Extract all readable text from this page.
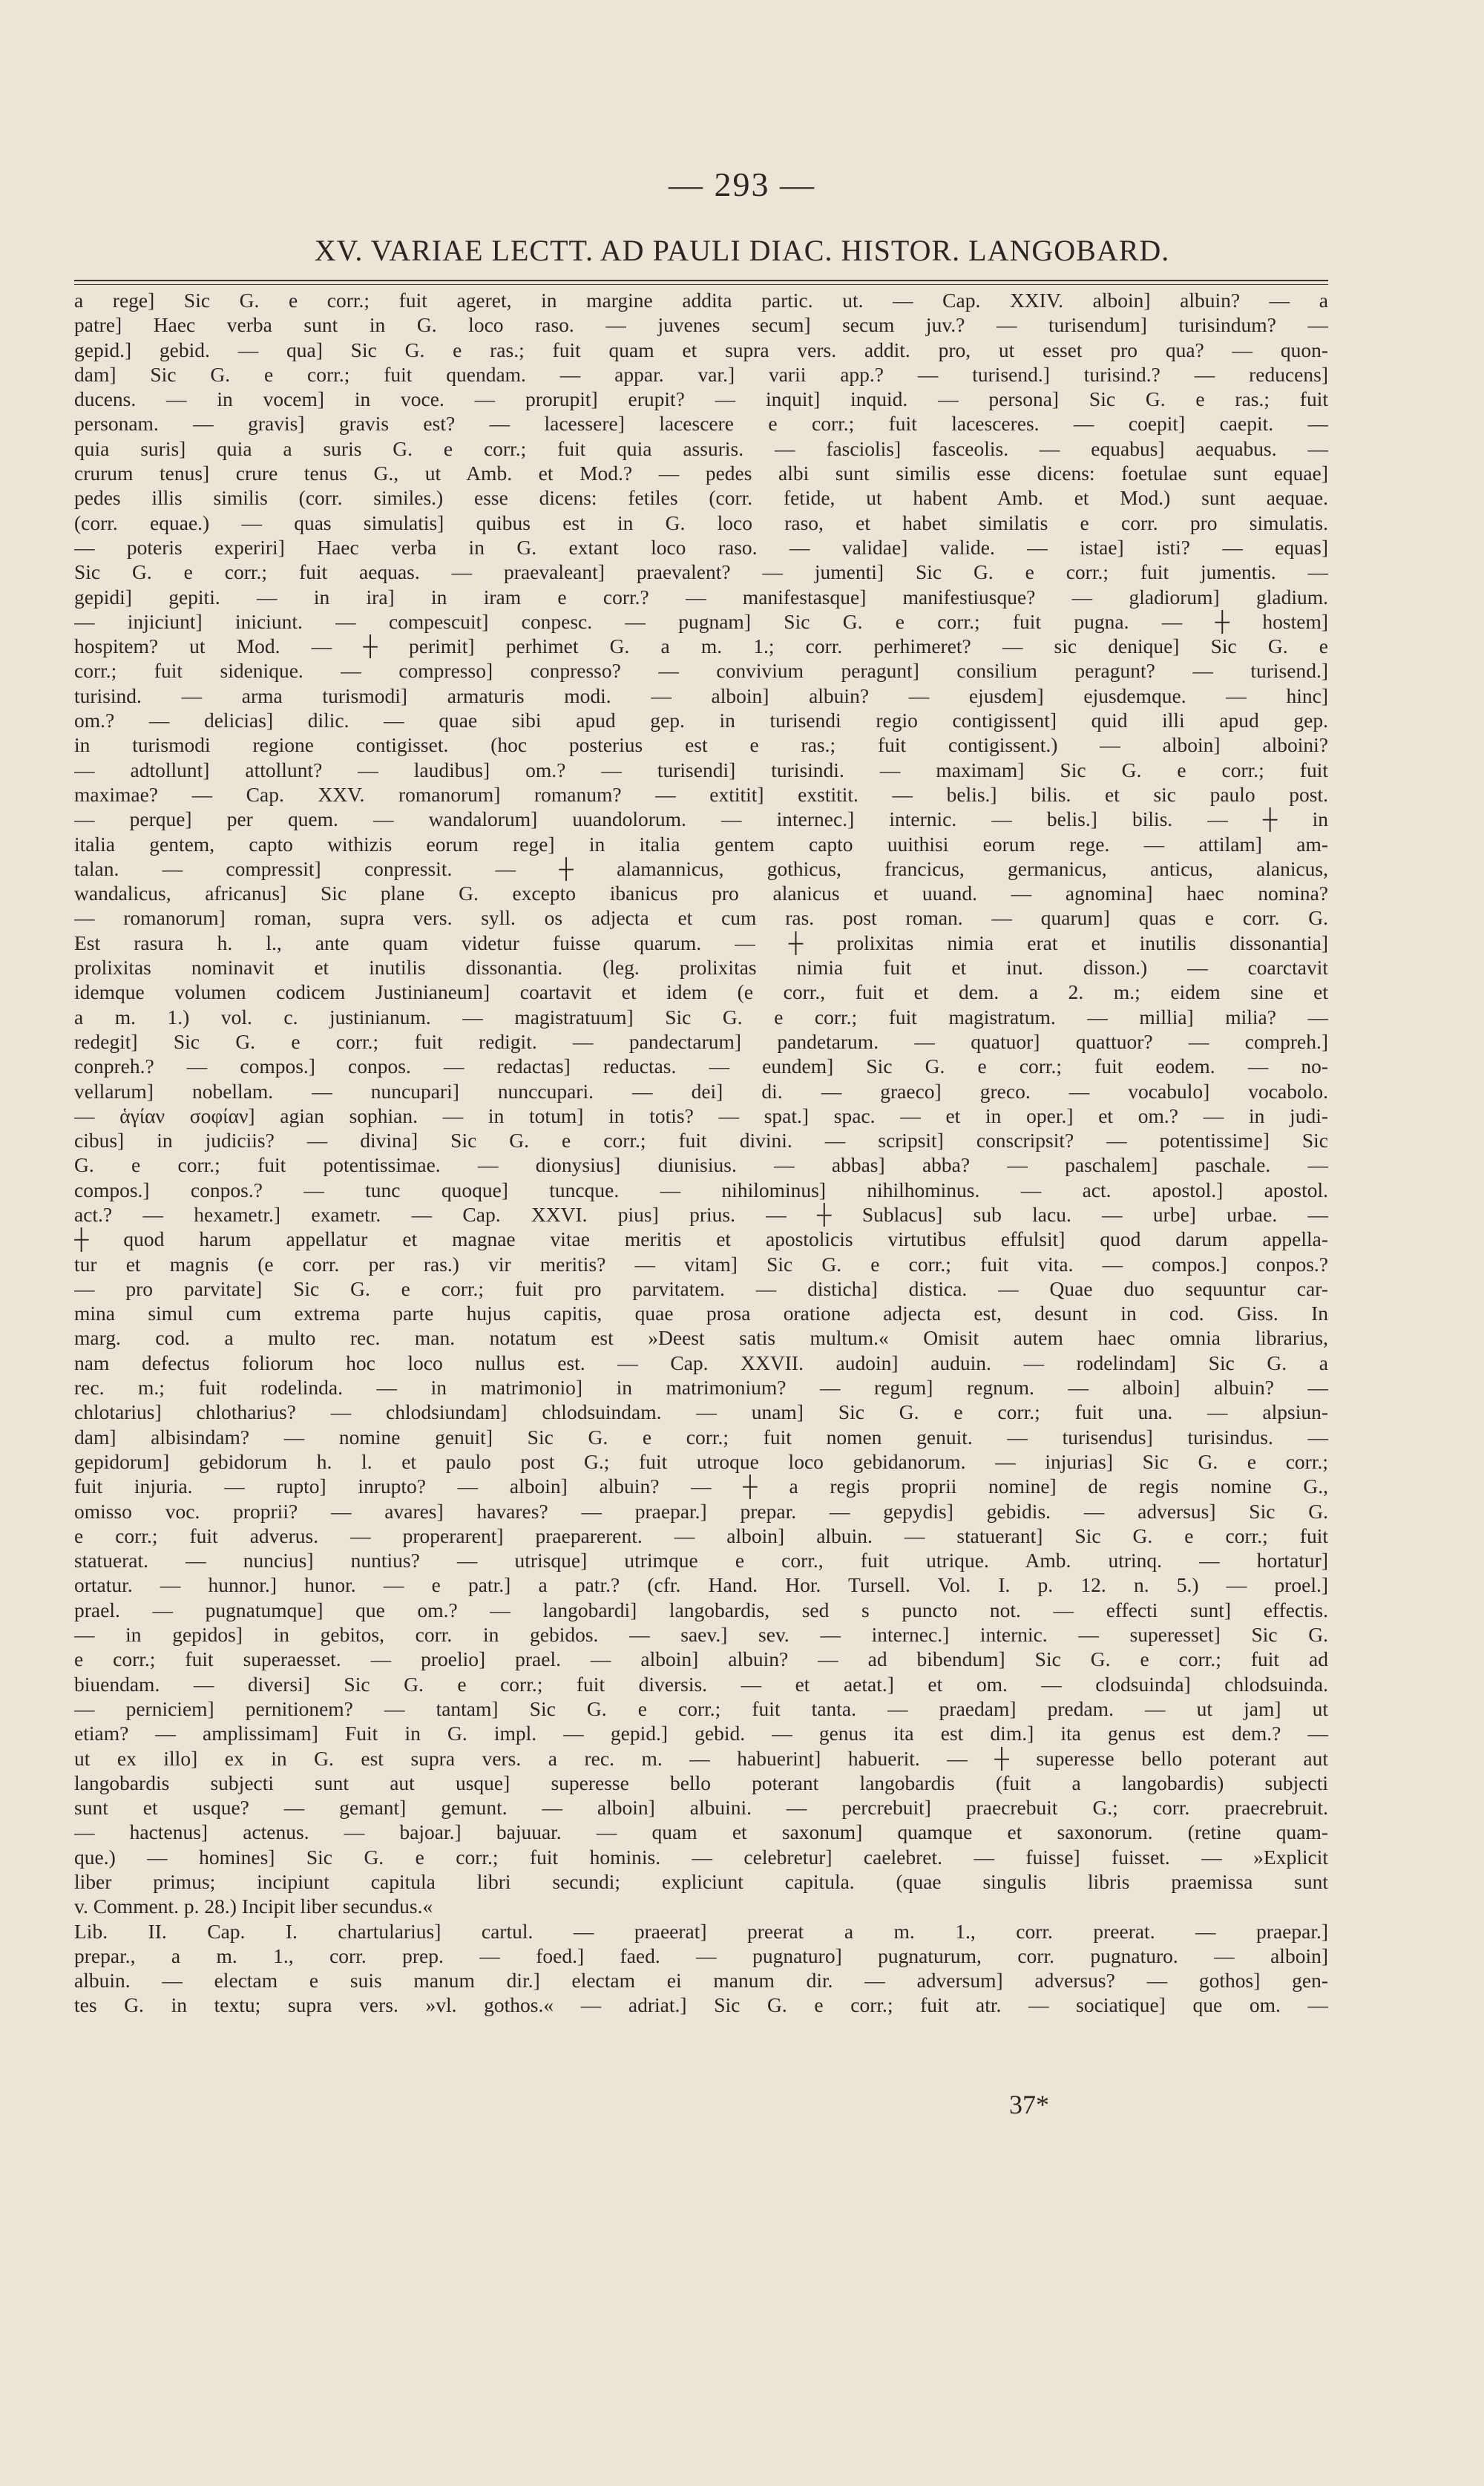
— 293 —
XV. VARIAE LECTT. AD PAULI DIAC. HISTOR. LANGOBARD.
a rege] Sic G. e corr.; fuit ageret, in margine addita partic. ut. — Cap. XXIV. alboin] albuin? — a
patre] Haec verba sunt in G. loco raso. — juvenes secum] secum juv.? — turisendum] turisindum? —
gepid.] gebid. — qua] Sic G. e ras.; fuit quam et supra vers. addit. pro, ut esset pro qua? — quon-
dam] Sic G. e corr.; fuit quendam. — appar. var.] varii app.? — turisend.] turisind.? — reducens]
ducens. — in vocem] in voce. — prorupit] erupit? — inquit] inquid. — persona] Sic G. e ras.; fuit
personam. — gravis] gravis est? — lacessere] lacescere e corr.; fuit lacesceres. — coepit] caepit. —
quia suris] quia a suris G. e corr.; fuit quia assuris. — fasciolis] fasceolis. — equabus] aequabus. —
crurum tenus] crure tenus G., ut Amb. et Mod.? — pedes albi sunt similis esse dicens: foetulae sunt equae]
pedes illis similis (corr. similes.) esse dicens: fetiles (corr. fetide, ut habent Amb. et Mod.) sunt aequae.
(corr. equae.) — quas simulatis] quibus est in G. loco raso, et habet similatis e corr. pro simulatis.
— poteris experiri] Haec verba in G. extant loco raso. — validae] valide. — istae] isti? — equas]
Sic G. e corr.; fuit aequas. — praevaleant] praevalent? — jumenti] Sic G. e corr.; fuit jumentis. —
gepidi] gepiti. — in ira] in iram e corr.? — manifestasque] manifestiusque? — gladiorum] gladium.
— injiciunt] iniciunt. — compescuit] conpesc. — pugnam] Sic G. e corr.; fuit pugna. — ┼ hostem]
hospitem? ut Mod. — ┼ perimit] perhimet G. a m. 1.; corr. perhimeret? — sic denique] Sic G. e
corr.; fuit sidenique. — compresso] conpresso? — convivium peragunt] consilium peragunt? — turisend.]
turisind. — arma turismodi] armaturis modi. — alboin] albuin? — ejusdem] ejusdemque. — hinc]
om.? — delicias] dilic. — quae sibi apud gep. in turisendi regio contigissent] quid illi apud gep.
in turismodi regione contigisset. (hoc posterius est e ras.; fuit contigissent.) — alboin] alboini?
— adtollunt] attollunt? — laudibus] om.? — turisendi] turisindi. — maximam] Sic G. e corr.; fuit
maximae? — Cap. XXV. romanorum] romanum? — extitit] exstitit. — belis.] bilis. et sic paulo post.
— perque] per quem. — wandalorum] uuandolorum. — internec.] internic. — belis.] bilis. — ┼ in
italia gentem, capto withizis eorum rege] in italia gentem capto uuithisi eorum rege. — attilam] am-
talan. — compressit] conpressit. — ┼ alamannicus, gothicus, francicus, germanicus, anticus, alanicus,
wandalicus, africanus] Sic plane G. excepto ibanicus pro alanicus et uuand. — agnomina] haec nomina?
— romanorum] roman, supra vers. syll. os adjecta et cum ras. post roman. — quarum] quas e corr. G.
Est rasura h. l., ante quam videtur fuisse quarum. — ┼ prolixitas nimia erat et inutilis dissonantia]
prolixitas nominavit et inutilis dissonantia. (leg. prolixitas nimia fuit et inut. disson.) — coarctavit
idemque volumen codicem Justinianeum] coartavit et idem (e corr., fuit et dem. a 2. m.; eidem sine et
a m. 1.) vol. c. justinianum. — magistratuum] Sic G. e corr.; fuit magistratum. — millia] milia? —
redegit] Sic G. e corr.; fuit redigit. — pandectarum] pandetarum. — quatuor] quattuor? — compreh.]
conpreh.? — compos.] conpos. — redactas] reductas. — eundem] Sic G. e corr.; fuit eodem. — no-
vellarum] nobellam. — nuncupari] nunccupari. — dei] di. — graeco] greco. — vocabulo] vocabolo.
— ἁγίαν σοφίαν] agian sophian. — in totum] in totis? — spat.] spac. — et in oper.] et om.? — in judi-
cibus] in judiciis? — divina] Sic G. e corr.; fuit divini. — scripsit] conscripsit? — potentissime] Sic
G. e corr.; fuit potentissimae. — dionysius] diunisius. — abbas] abba? — paschalem] paschale. —
compos.] conpos.? — tunc quoque] tuncque. — nihilominus] nihilhominus. — act. apostol.] apostol.
act.? — hexametr.] exametr. — Cap. XXVI. pius] prius. — ┼ Sublacus] sub lacu. — urbe] urbae. —
┼ quod harum appellatur et magnae vitae meritis et apostolicis virtutibus effulsit] quod darum appella-
tur et magnis (e corr. per ras.) vir meritis? — vitam] Sic G. e corr.; fuit vita. — compos.] conpos.?
— pro parvitate] Sic G. e corr.; fuit pro parvitatem. — disticha] distica. — Quae duo sequuntur car-
mina simul cum extrema parte hujus capitis, quae prosa oratione adjecta est, desunt in cod. Giss. In
marg. cod. a multo rec. man. notatum est »Deest satis multum.« Omisit autem haec omnia librarius,
nam defectus foliorum hoc loco nullus est. — Cap. XXVII. audoin] auduin. — rodelindam] Sic G. a
rec. m.; fuit rodelinda. — in matrimonio] in matrimonium? — regum] regnum. — alboin] albuin? —
chlotarius] chlotharius? — chlodsiundam] chlodsuindam. — unam] Sic G. e corr.; fuit una. — alpsiun-
dam] albisindam? — nomine genuit] Sic G. e corr.; fuit nomen genuit. — turisendus] turisindus. —
gepidorum] gebidorum h. l. et paulo post G.; fuit utroque loco gebidanorum. — injurias] Sic G. e corr.;
fuit injuria. — rupto] inrupto? — alboin] albuin? — ┼ a regis proprii nomine] de regis nomine G.,
omisso voc. proprii? — avares] havares? — praepar.] prepar. — gepydis] gebidis. — adversus] Sic G.
e corr.; fuit adverus. — properarent] praeparerent. — alboin] albuin. — statuerant] Sic G. e corr.; fuit
statuerat. — nuncius] nuntius? — utrisque] utrimque e corr., fuit utrique. Amb. utrinq. — hortatur]
ortatur. — hunnor.] hunor. — e patr.] a patr.? (cfr. Hand. Hor. Tursell. Vol. I. p. 12. n. 5.) — proel.]
prael. — pugnatumque] que om.? — langobardi] langobardis, sed s puncto not. — effecti sunt] effectis.
— in gepidos] in gebitos, corr. in gebidos. — saev.] sev. — internec.] internic. — superesset] Sic G.
e corr.; fuit superaesset. — proelio] prael. — alboin] albuin? — ad bibendum] Sic G. e corr.; fuit ad
biuendam. — diversi] Sic G. e corr.; fuit diversis. — et aetat.] et om. — clodsuinda] chlodsuinda.
— perniciem] pernitionem? — tantam] Sic G. e corr.; fuit tanta. — praedam] predam. — ut jam] ut
etiam? — amplissimam] Fuit in G. impl. — gepid.] gebid. — genus ita est dim.] ita genus est dem.? —
ut ex illo] ex in G. est supra vers. a rec. m. — habuerint] habuerit. — ┼ superesse bello poterant aut
langobardis subjecti sunt aut usque] superesse bello poterant langobardis (fuit a langobardis) subjecti
sunt et usque? — gemant] gemunt. — alboin] albuini. — percrebuit] praecrebuit G.; corr. praecrebruit.
— hactenus] actenus. — bajoar.] bajuuar. — quam et saxonum] quamque et saxonorum. (retine quam-
que.) — homines] Sic G. e corr.; fuit hominis. — celebretur] caelebret. — fuisse] fuisset. — »Explicit
liber primus; incipiunt capitula libri secundi; expliciunt capitula. (quae singulis libris praemissa sunt
v. Comment. p. 28.) Incipit liber secundus.«
Lib. II. Cap. I. chartularius] cartul. — praeerat] preerat a m. 1., corr. preerat. — praepar.]
prepar., a m. 1., corr. prep. — foed.] faed. — pugnaturo] pugnaturum, corr. pugnaturo. — alboin]
albuin. — electam e suis manum dir.] electam ei manum dir. — adversum] adversus? — gothos] gen-
tes G. in textu; supra vers. »vl. gothos.« — adriat.] Sic G. e corr.; fuit atr. — sociatique] que om. —
37*
